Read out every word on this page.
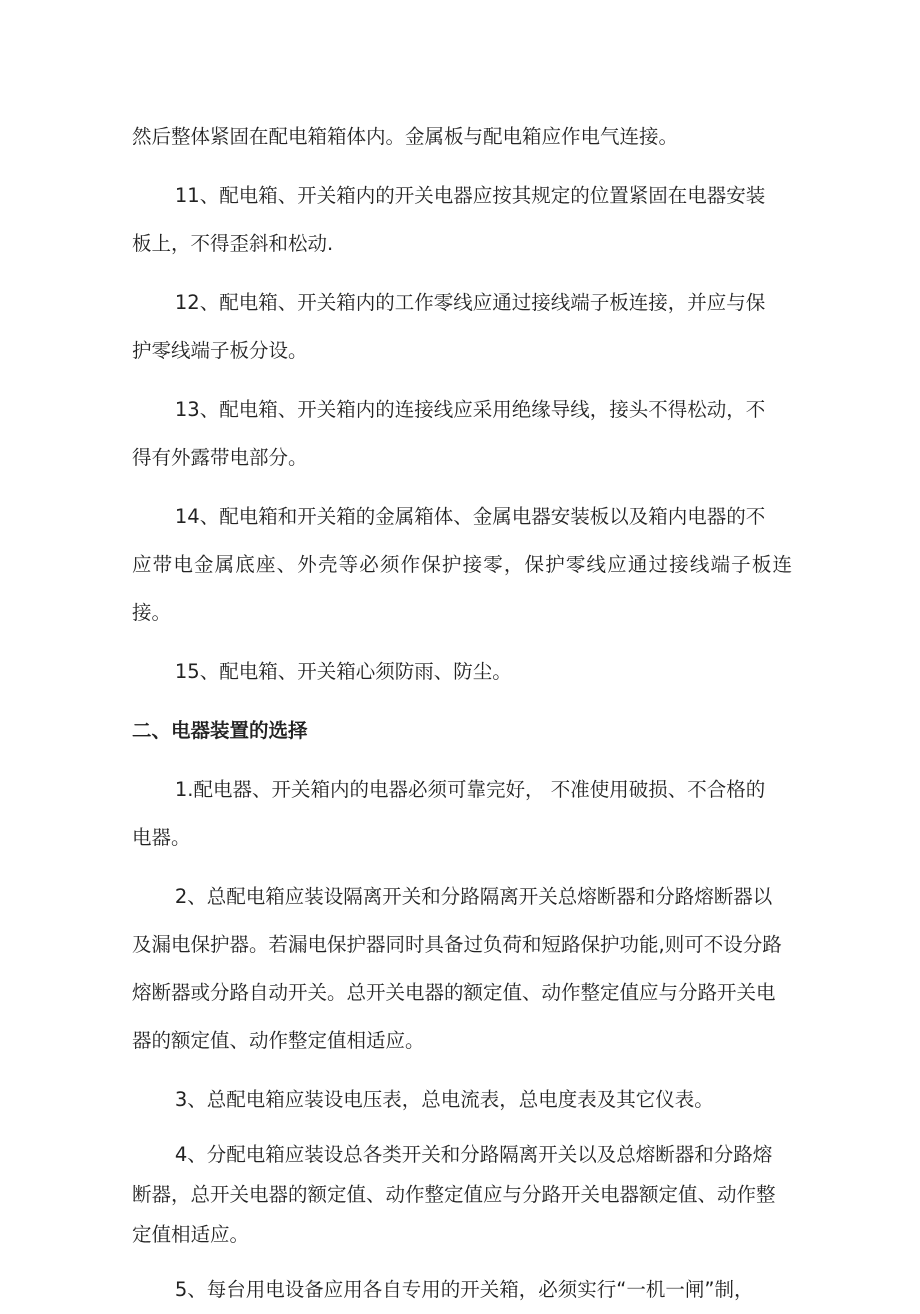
然后整体紧固在配电箱箱体内。金属板与配电箱应作电气连接。

11、配电箱、开关箱内的开关电器应按其规定的位置紧固在电器安装
板上，不得歪斜和松动.

12、配电箱、开关箱内的工作零线应通过接线端子板连接，并应与保
护零线端子板分设。

13、配电箱、开关箱内的连接线应采用绝缘导线，接头不得松动，不
得有外露带电部分。

14、配电箱和开关箱的金属箱体、金属电器安装板以及箱内电器的不
应带电金属底座、外壳等必须作保护接零，保护零线应通过接线端子板连接。

15、配电箱、开关箱心须防雨、防尘。

二、电器装置的选择

1.配电器、开关箱内的电器必须可靠完好， 不准使用破损、不合格的
电器。

2、总配电箱应装设隔离开关和分路隔离开关总熔断器和分路熔断器以
及漏电保护器。若漏电保护器同时具备过负荷和短路保护功能,则可不设分路
熔断器或分路自动开关。总开关电器的额定值、动作整定值应与分路开关电
器的额定值、动作整定值相适应。

3、总配电箱应装设电压表，总电流表，总电度表及其它仪表。

4、分配电箱应装设总各类开关和分路隔离开关以及总熔断器和分路熔
断器，总开关电器的额定值、动作整定值应与分路开关电器额定值、动作整
定值相适应。

5、每台用电设备应用各自专用的开关箱，必须实行“一机一闸”制，
